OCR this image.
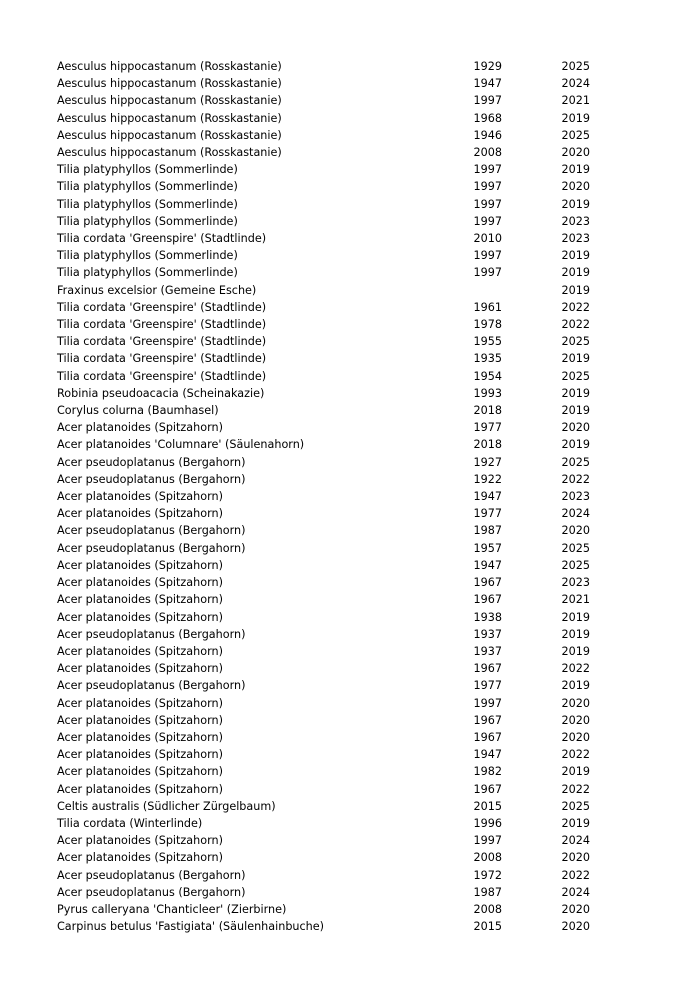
Aesculus hippocastanum (Rosskastanie)	1929	2025
Aesculus hippocastanum (Rosskastanie)	1947	2024
Aesculus hippocastanum (Rosskastanie)	1997	2021
Aesculus hippocastanum (Rosskastanie)	1968	2019
Aesculus hippocastanum (Rosskastanie)	1946	2025
Aesculus hippocastanum (Rosskastanie)	2008	2020
Tilia platyphyllos (Sommerlinde)	1997	2019
Tilia platyphyllos (Sommerlinde)	1997	2020
Tilia platyphyllos (Sommerlinde)	1997	2019
Tilia platyphyllos (Sommerlinde)	1997	2023
Tilia cordata 'Greenspire' (Stadtlinde)	2010	2023
Tilia platyphyllos (Sommerlinde)	1997	2019
Tilia platyphyllos (Sommerlinde)	1997	2019
Fraxinus excelsior (Gemeine Esche)		2019
Tilia cordata 'Greenspire' (Stadtlinde)	1961	2022
Tilia cordata 'Greenspire' (Stadtlinde)	1978	2022
Tilia cordata 'Greenspire' (Stadtlinde)	1955	2025
Tilia cordata 'Greenspire' (Stadtlinde)	1935	2019
Tilia cordata 'Greenspire' (Stadtlinde)	1954	2025
Robinia pseudoacacia (Scheinakazie)	1993	2019
Corylus colurna (Baumhasel)	2018	2019
Acer platanoides (Spitzahorn)	1977	2020
Acer platanoides 'Columnare' (Säulenahorn)	2018	2019
Acer pseudoplatanus (Bergahorn)	1927	2025
Acer pseudoplatanus (Bergahorn)	1922	2022
Acer platanoides (Spitzahorn)	1947	2023
Acer platanoides (Spitzahorn)	1977	2024
Acer pseudoplatanus (Bergahorn)	1987	2020
Acer pseudoplatanus (Bergahorn)	1957	2025
Acer platanoides (Spitzahorn)	1947	2025
Acer platanoides (Spitzahorn)	1967	2023
Acer platanoides (Spitzahorn)	1967	2021
Acer platanoides (Spitzahorn)	1938	2019
Acer pseudoplatanus (Bergahorn)	1937	2019
Acer platanoides (Spitzahorn)	1937	2019
Acer platanoides (Spitzahorn)	1967	2022
Acer pseudoplatanus (Bergahorn)	1977	2019
Acer platanoides (Spitzahorn)	1997	2020
Acer platanoides (Spitzahorn)	1967	2020
Acer platanoides (Spitzahorn)	1967	2020
Acer platanoides (Spitzahorn)	1947	2022
Acer platanoides (Spitzahorn)	1982	2019
Acer platanoides (Spitzahorn)	1967	2022
Celtis australis (Südlicher Zürgelbaum)	2015	2025
Tilia cordata (Winterlinde)	1996	2019
Acer platanoides (Spitzahorn)	1997	2024
Acer platanoides (Spitzahorn)	2008	2020
Acer pseudoplatanus (Bergahorn)	1972	2022
Acer pseudoplatanus (Bergahorn)	1987	2024
Pyrus calleryana 'Chanticleer' (Zierbirne)	2008	2020
Carpinus betulus 'Fastigiata' (Säulenhainbuche)	2015	2020
